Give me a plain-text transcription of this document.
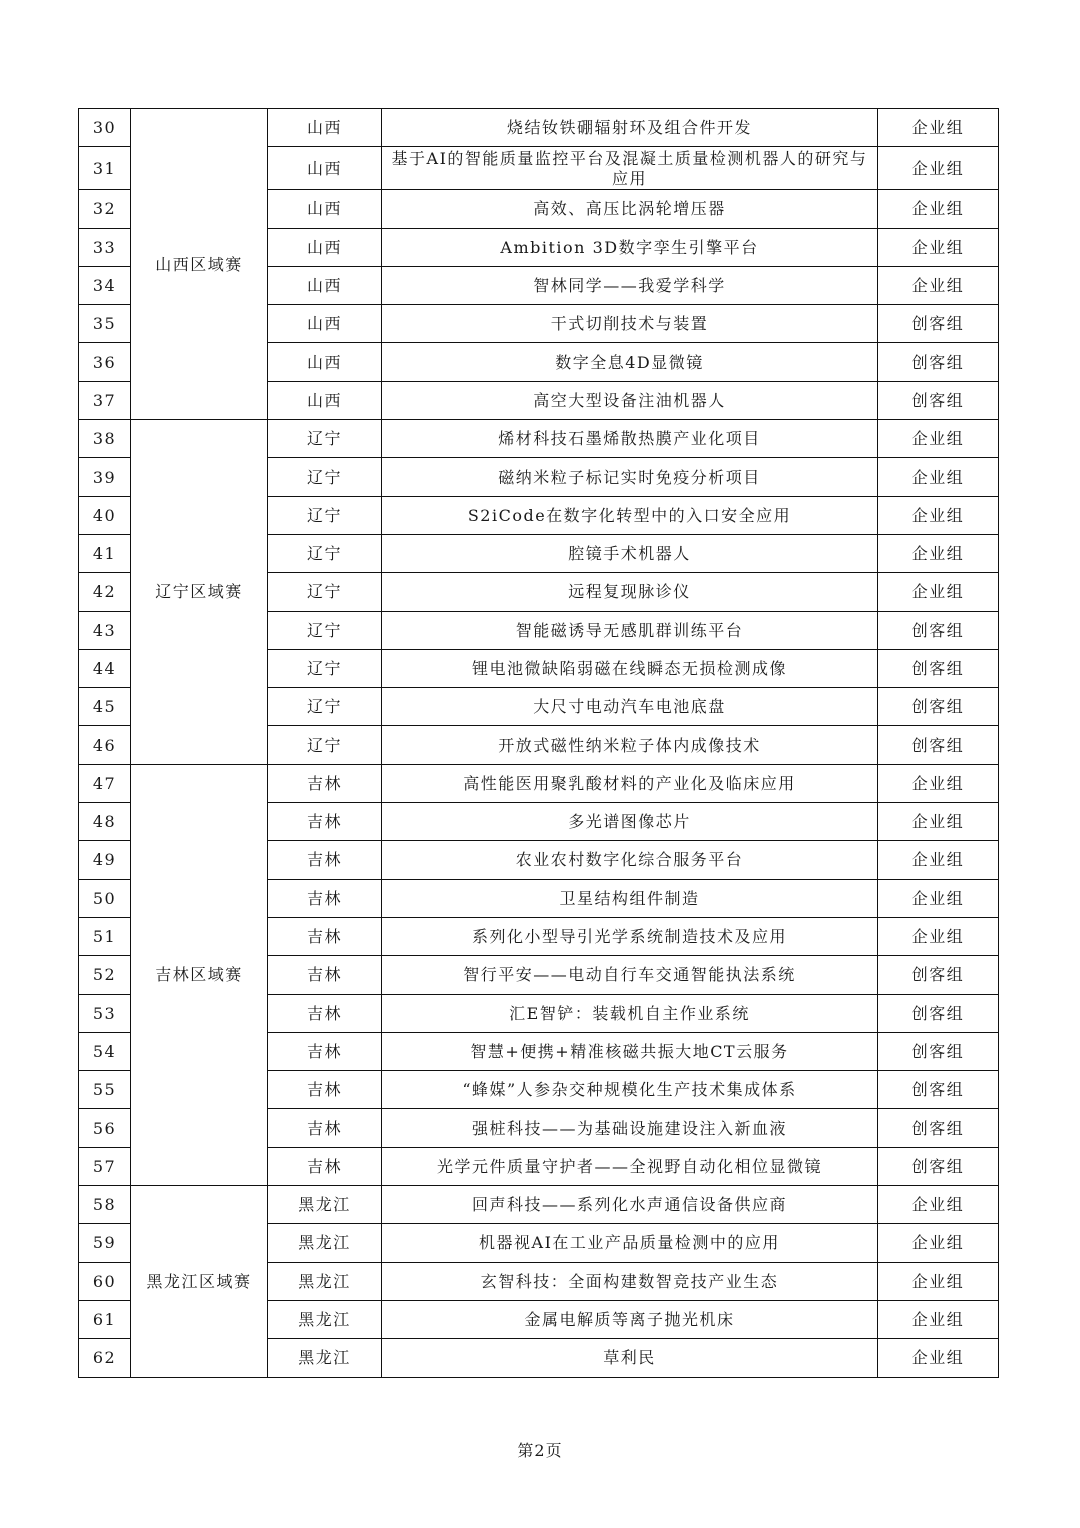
30	山西区域赛	山西	烧结钕铁硼辐射环及组合件开发	企业组
31		山西	基于AI的智能质量监控平台及混凝土质量检测机器人的研究与应用	企业组
32		山西	高效、高压比涡轮增压器	企业组
33		山西	Ambition 3D数字孪生引擎平台	企业组
34		山西	智林同学——我爱学科学	企业组
35		山西	干式切削技术与装置	创客组
36		山西	数字全息4D显微镜	创客组
37		山西	高空大型设备注油机器人	创客组
38	辽宁区域赛	辽宁	烯材科技石墨烯散热膜产业化项目	企业组
39		辽宁	磁纳米粒子标记实时免疫分析项目	企业组
40		辽宁	S2iCode在数字化转型中的入口安全应用	企业组
41		辽宁	腔镜手术机器人	企业组
42		辽宁	远程复现脉诊仪	企业组
43		辽宁	智能磁诱导无感肌群训练平台	创客组
44		辽宁	锂电池微缺陷弱磁在线瞬态无损检测成像	创客组
45		辽宁	大尺寸电动汽车电池底盘	创客组
46		辽宁	开放式磁性纳米粒子体内成像技术	创客组
47	吉林区域赛	吉林	高性能医用聚乳酸材料的产业化及临床应用	企业组
48		吉林	多光谱图像芯片	企业组
49		吉林	农业农村数字化综合服务平台	企业组
50		吉林	卫星结构组件制造	企业组
51		吉林	系列化小型导引光学系统制造技术及应用	企业组
52		吉林	智行平安——电动自行车交通智能执法系统	创客组
53		吉林	汇E智铲：装载机自主作业系统	创客组
54		吉林	智慧+便携+精准核磁共振大地CT云服务	创客组
55		吉林	“蜂媒”人参杂交种规模化生产技术集成体系	创客组
56		吉林	强桩科技——为基础设施建设注入新血液	创客组
57		吉林	光学元件质量守护者——全视野自动化相位显微镜	创客组
58	黑龙江区域赛	黑龙江	回声科技——系列化水声通信设备供应商	企业组
59		黑龙江	机器视AI在工业产品质量检测中的应用	企业组
60		黑龙江	玄智科技：全面构建数智竞技产业生态	企业组
61		黑龙江	金属电解质等离子抛光机床	企业组
62		黑龙江	草利民	企业组
第2页
